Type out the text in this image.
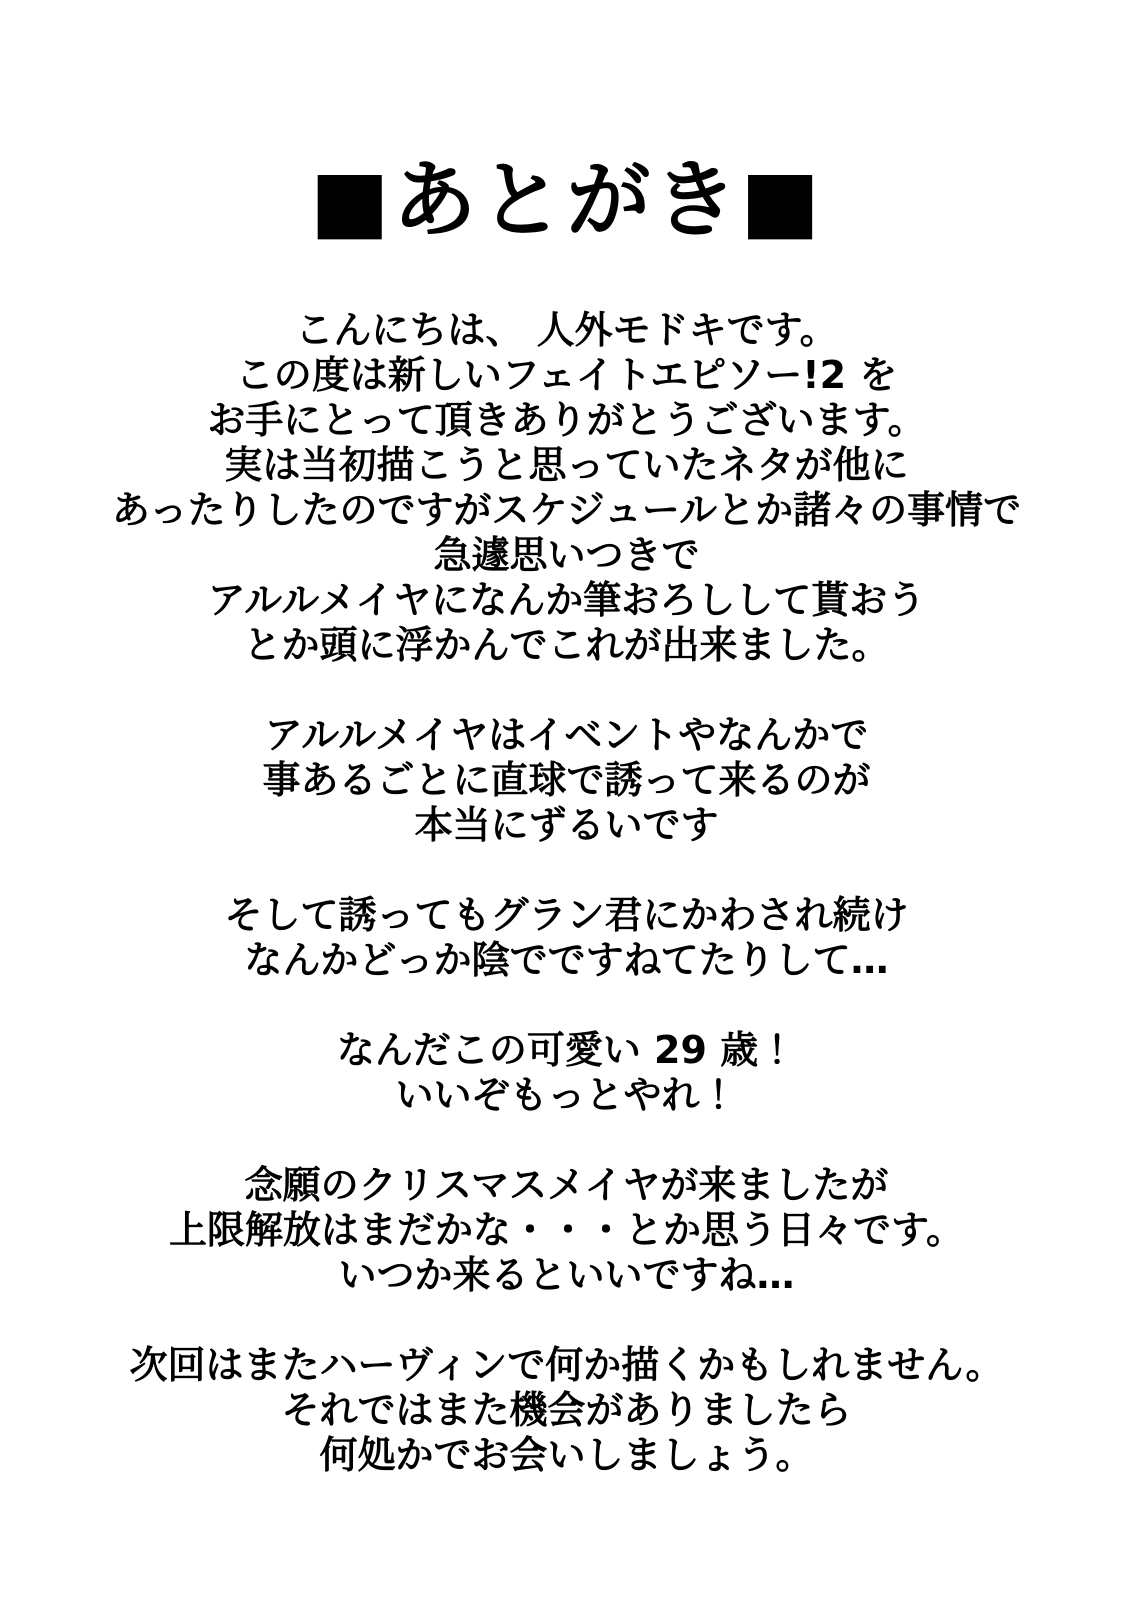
■あとがき■
こんにちは、 人外モドキです。
この度は新しいフェイトエピソー!2 を
お手にとって頂きありがとうございます。
実は当初描こうと思っていたネタが他に
あったりしたのですがスケジュールとか諸々の事情で
急遽思いつきで
アルルメイヤになんか筆おろしして貰おう
とか頭に浮かんでこれが出来ました。
アルルメイヤはイベントやなんかで
事あるごとに直球で誘って来るのが
本当にずるいです
そして誘ってもグラン君にかわされ続け
なんかどっか陰でですねてたりして…
なんだこの可愛い 29 歳！
いいぞもっとやれ！
念願のクリスマスメイヤが来ましたが
上限解放はまだかな・・・とか思う日々です。
いつか来るといいですね…
次回はまたハーヴィンで何か描くかもしれません。
それではまた機会がありましたら
何処かでお会いしましょう。
